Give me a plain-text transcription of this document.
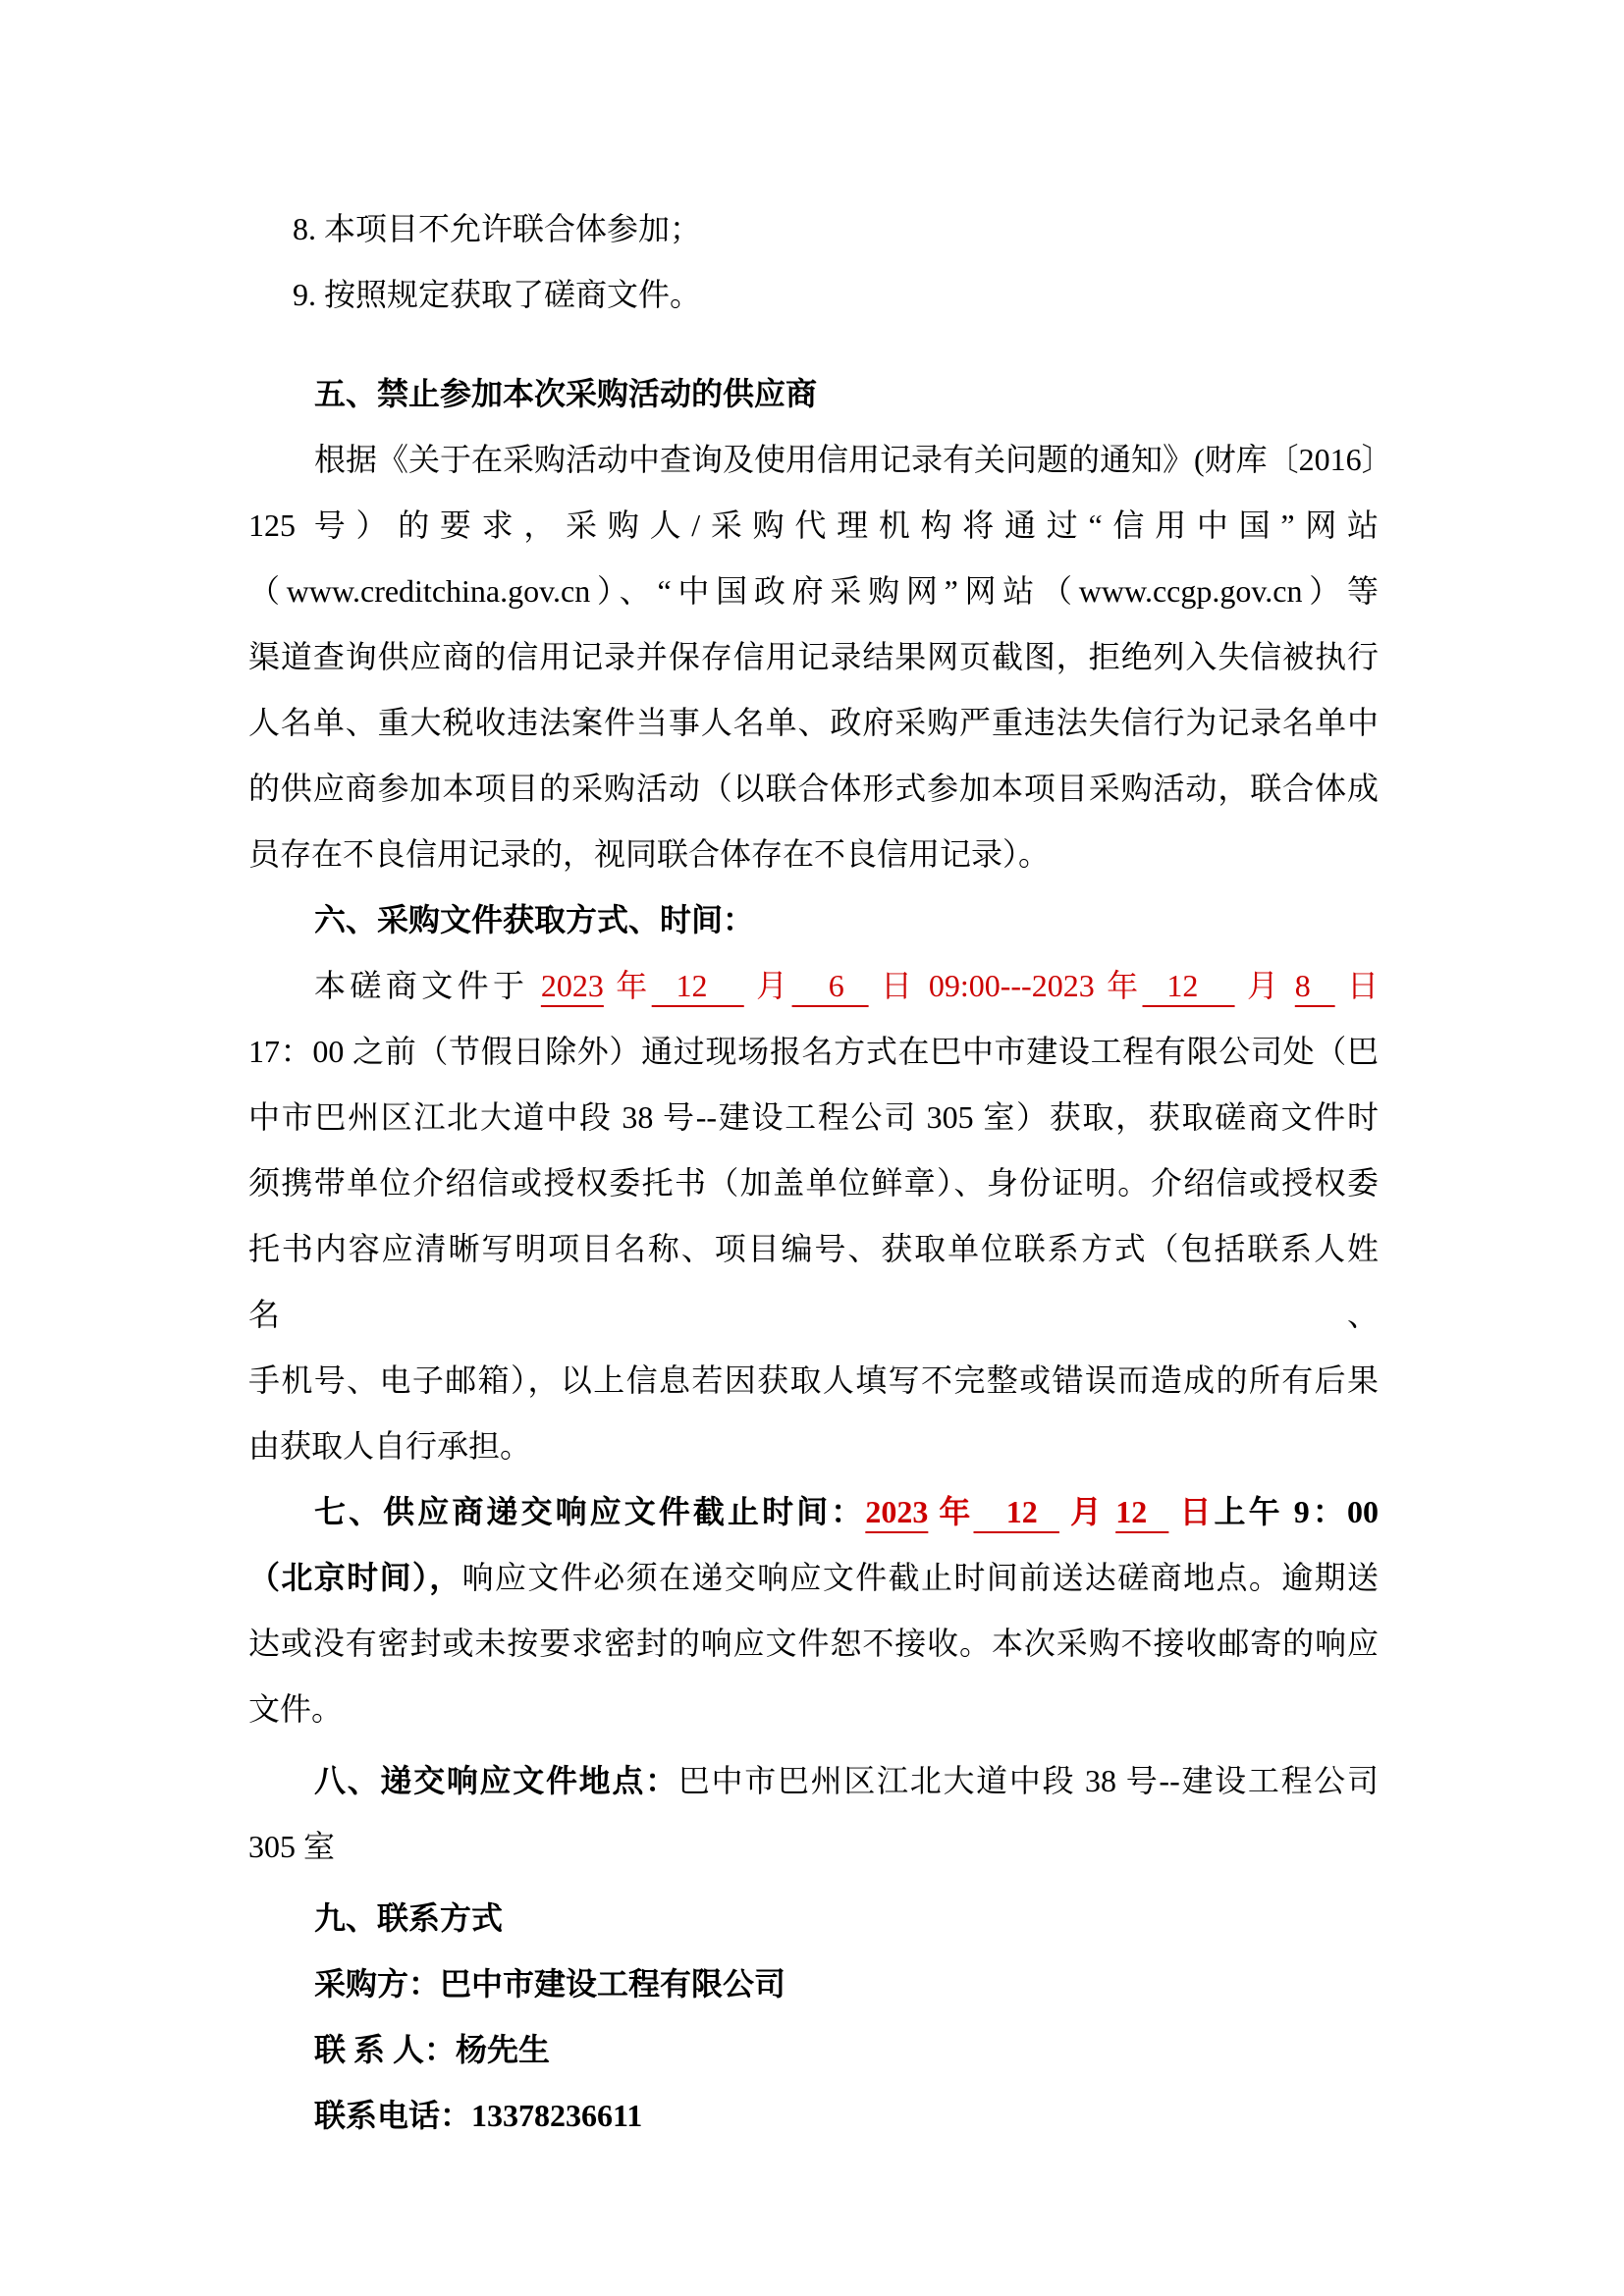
8. 本项目不允许联合体参加；
9. 按照规定获取了磋商文件。
五、禁止参加本次采购活动的供应商
根据《关于在采购活动中查询及使用信用记录有关问题的通知》(财库〔2016〕
125 号）的要求，采购人/采购代理机构将通过“信用中国”网站
（www.creditchina.gov.cn）、“中国政府采购网”网站（www.ccgp.gov.cn）等
渠道查询供应商的信用记录并保存信用记录结果网页截图，拒绝列入失信被执行
人名单、重大税收违法案件当事人名单、政府采购严重违法失信行为记录名单中
的供应商参加本项目的采购活动（以联合体形式参加本项目采购活动，联合体成
员存在不良信用记录的，视同联合体存在不良信用记录）。
六、采购文件获取方式、时间：
本磋商文件于 2023 年  12    月   6   日 09:00---2023 年  12    月 8   日
17：00 之前（节假日除外）通过现场报名方式在巴中市建设工程有限公司处（巴
中市巴州区江北大道中段 38 号--建设工程公司 305 室）获取，获取磋商文件时
须携带单位介绍信或授权委托书（加盖单位鲜章）、身份证明。介绍信或授权委
托书内容应清晰写明项目名称、项目编号、获取单位联系方式（包括联系人姓名、
手机号、电子邮箱），以上信息若因获取人填写不完整或错误而造成的所有后果
由获取人自行承担。
七、供应商递交响应文件截止时间：2023 年   12   月 12   日上午 9：00
（北京时间），响应文件必须在递交响应文件截止时间前送达磋商地点。逾期送
达或没有密封或未按要求密封的响应文件恕不接收。本次采购不接收邮寄的响应
文件。
八、递交响应文件地点：巴中市巴州区江北大道中段 38 号--建设工程公司
305 室
九、联系方式
采购方：巴中市建设工程有限公司
联 系 人：杨先生
联系电话：13378236611
